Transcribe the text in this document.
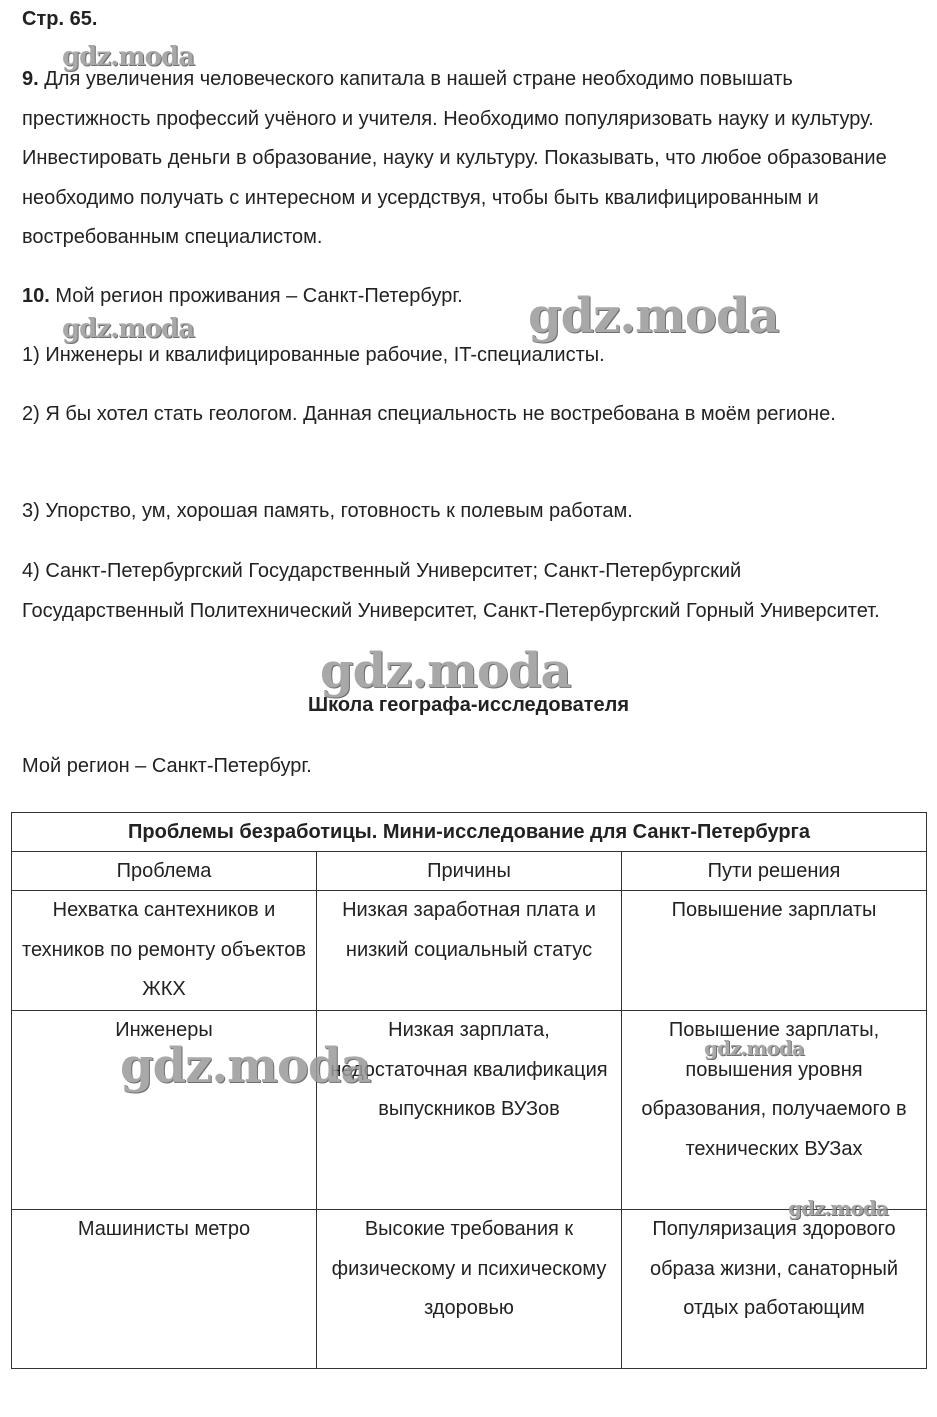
Стр. 65.

9. Для увеличения человеческого капитала в нашей стране необходимо повышать престижность профессий учёного и учителя. Необходимо популяризовать науку и культуру. Инвестировать деньги в образование, науку и культуру. Показывать, что любое образование необходимо получать с интересном и усердствуя, чтобы быть квалифицированным и востребованным специалистом.

10. Мой регион проживания – Санкт-Петербург.

1) Инженеры и квалифицированные рабочие, IT-специалисты.

2) Я бы хотел стать геологом. Данная специальность не востребована в моём регионе.

3) Упорство, ум, хорошая память, готовность к полевым работам.

4) Санкт-Петербургский Государственный Университет; Санкт-Петербургский Государственный Политехнический Университет, Санкт-Петербургский Горный Университет.

Школа географа-исследователя

Мой регион – Санкт-Петербург.

Проблемы безработицы. Мини-исследование для Санкт-Петербурга		
Проблема	Причины	Пути решения
Нехватка сантехников и техников по ремонту объектов ЖКХ	Низкая заработная плата и низкий социальный статус	Повышение зарплаты
Инженеры	Низкая зарплата, недостаточная квалификация выпускников ВУЗов	Повышение зарплаты, повышения уровня образования, получаемого в технических ВУЗах
Машинисты метро	Высокие требования к физическому и психическому здоровью	Популяризация здорового образа жизни, санаторный отдых работающим
gdz.moda
gdz.moda	gdz.moda
gdz.moda
gdz.moda	gdz.moda
gdz.moda
